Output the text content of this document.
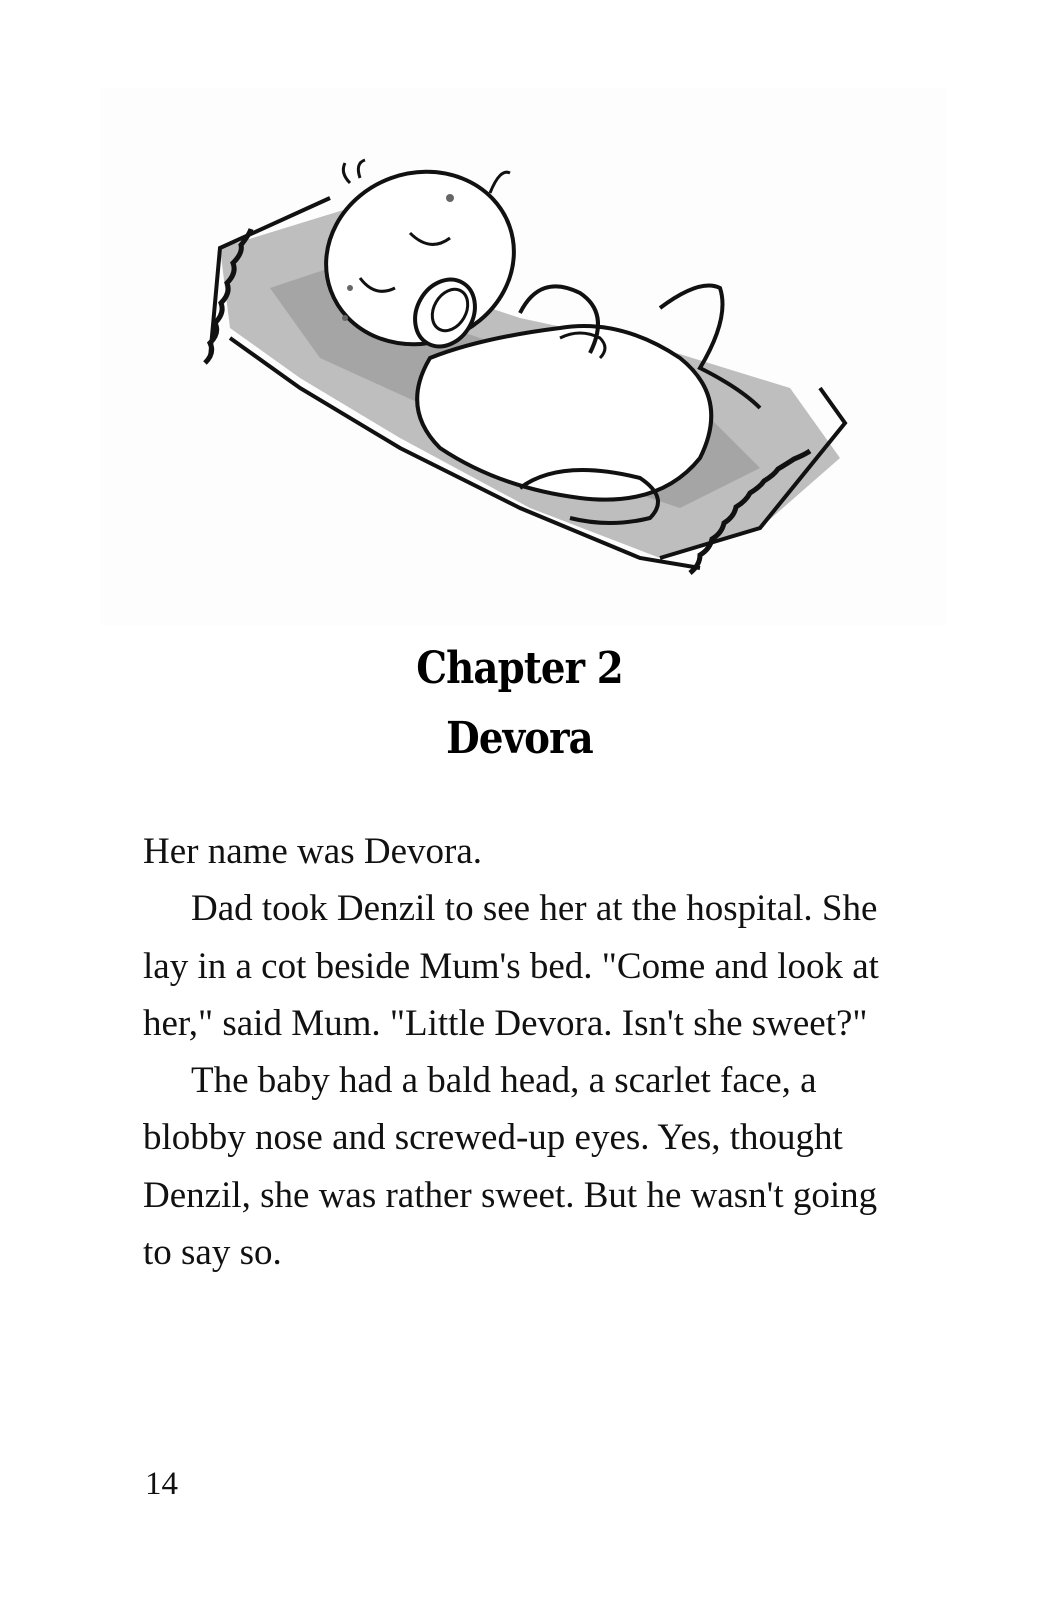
Chapter 2
Devora

Her name was Devora.

Dad took Denzil to see her at the hospital. She lay in a cot beside Mum's bed. "Come and look at her," said Mum. "Little Devora. Isn't she sweet?"

The baby had a bald head, a scarlet face, a blobby nose and screwed-up eyes. Yes, thought Denzil, she was rather sweet. But he wasn't going to say so.

14
